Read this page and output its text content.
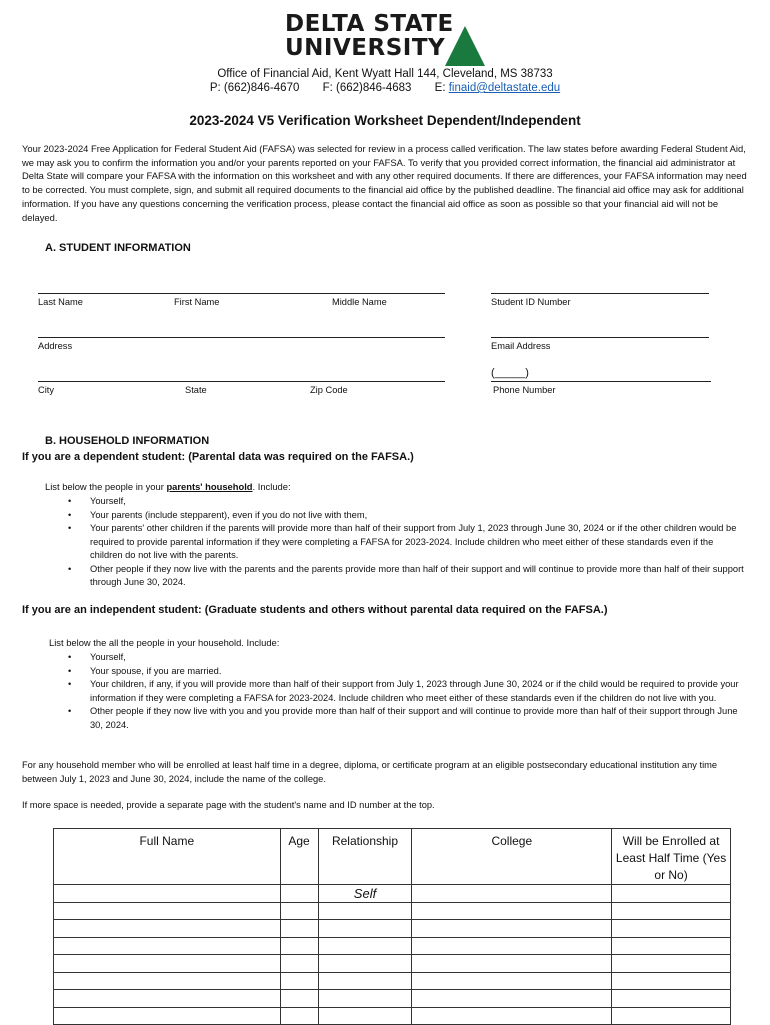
DELTA STATE
UNIVERSITY
Office of Financial Aid, Kent Wyatt Hall 144, Cleveland, MS 38733
P: (662)846-4670 F: (662)846-4683 E: finaid@deltastate.edu
2023-2024 V5 Verification Worksheet Dependent/Independent
Your 2023-2024 Free Application for Federal Student Aid (FAFSA) was selected for review in a process called verification. The law states before awarding Federal Student Aid, we may ask you to confirm the information you and/or your parents reported on your FAFSA. To verify that you provided correct information, the financial aid administrator at Delta State will compare your FAFSA with the information on this worksheet and with any other required documents. If there are differences, your FAFSA information may need to be corrected. You must complete, sign, and submit all required documents to the financial aid office by the published deadline. The financial aid office may ask for additional information. If you have any questions concerning the verification process, please contact the financial aid office as soon as possible so that your financial aid will not be delayed.
A. STUDENT INFORMATION
Last Name	First Name	Middle Name	Student ID Number
Address	Email Address
(_____)
City	State	Zip Code	Phone Number
B. HOUSEHOLD INFORMATION
If you are a dependent student: (Parental data was required on the FAFSA.)
List below the people in your parents' household. Include:
• Yourself,
• Your parents (include stepparent), even if you do not live with them,
• Your parents' other children if the parents will provide more than half of their support from July 1, 2023 through June 30, 2024 or if the other children would be required to provide parental information if they were completing a FAFSA for 2023-2024. Include children who meet either of these standards even if the children do not live with the parents.
• Other people if they now live with the parents and the parents provide more than half of their support and will continue to provide more than half of their support through June 30, 2024.
If you are an independent student: (Graduate students and others without parental data required on the FAFSA.)
List below the all the people in your household. Include:
• Yourself,
• Your spouse, if you are married.
• Your children, if any, if you will provide more than half of their support from July 1, 2023 through June 30, 2024 or if the child would be required to provide your information if they were completing a FAFSA for 2023-2024. Include children who meet either of these standards even if the children do not live with you.
• Other people if they now live with you and you provide more than half of their support and will continue to provide more than half of their support through June 30, 2024.
For any household member who will be enrolled at least half time in a degree, diploma, or certificate program at an eligible postsecondary educational institution any time between July 1, 2023 and June 30, 2024, include the name of the college.
If more space is needed, provide a separate page with the student's name and ID number at the top.
Full Name	Age	Relationship	College	Will be Enrolled at Least Half Time (Yes or No)
		Self		
